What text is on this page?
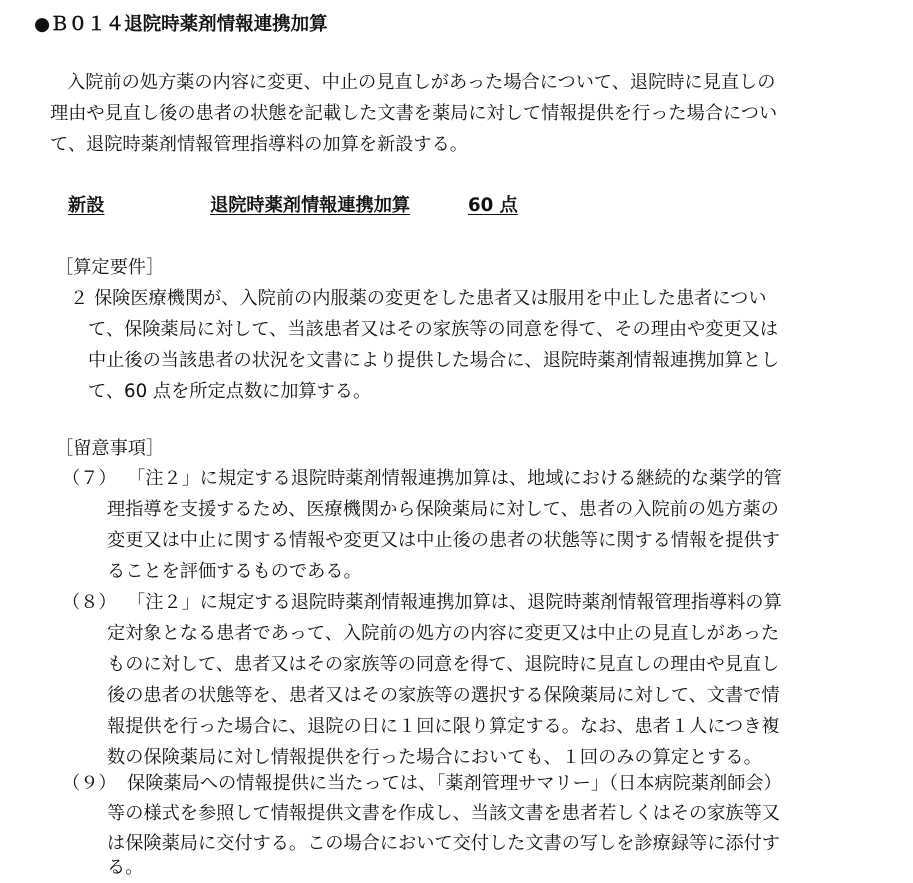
●Ｂ０１４退院時薬剤情報連携加算
入院前の処方薬の内容に変更、中止の見直しがあった場合について、退院時に見直しの
理由や見直し後の患者の状態を記載した文書を薬局に対して情報提供を行った場合につい
て、退院時薬剤情報管理指導料の加算を新設する。
新設	退院時薬剤情報連携加算	60 点
［算定要件］
２ 保険医療機関が、入院前の内服薬の変更をした患者又は服用を中止した患者につい
て、保険薬局に対して、当該患者又はその家族等の同意を得て、その理由や変更又は
中止後の当該患者の状況を文書により提供した場合に、退院時薬剤情報連携加算とし
て、60 点を所定点数に加算する。
［留意事項］
（７） 「注２」に規定する退院時薬剤情報連携加算は、地域における継続的な薬学的管
理指導を支援するため、医療機関から保険薬局に対して、患者の入院前の処方薬の
変更又は中止に関する情報や変更又は中止後の患者の状態等に関する情報を提供す
ることを評価するものである。
（８） 「注２」に規定する退院時薬剤情報連携加算は、退院時薬剤情報管理指導料の算
定対象となる患者であって、入院前の処方の内容に変更又は中止の見直しがあった
ものに対して、患者又はその家族等の同意を得て、退院時に見直しの理由や見直し
後の患者の状態等を、患者又はその家族等の選択する保険薬局に対して、文書で情
報提供を行った場合に、退院の日に１回に限り算定する。なお、患者１人につき複
数の保険薬局に対し情報提供を行った場合においても、１回のみの算定とする。
（９） 保険薬局への情報提供に当たっては、「薬剤管理サマリー」（日本病院薬剤師会）
等の様式を参照して情報提供文書を作成し、当該文書を患者若しくはその家族等又
は保険薬局に交付する。この場合において交付した文書の写しを診療録等に添付す
る。
